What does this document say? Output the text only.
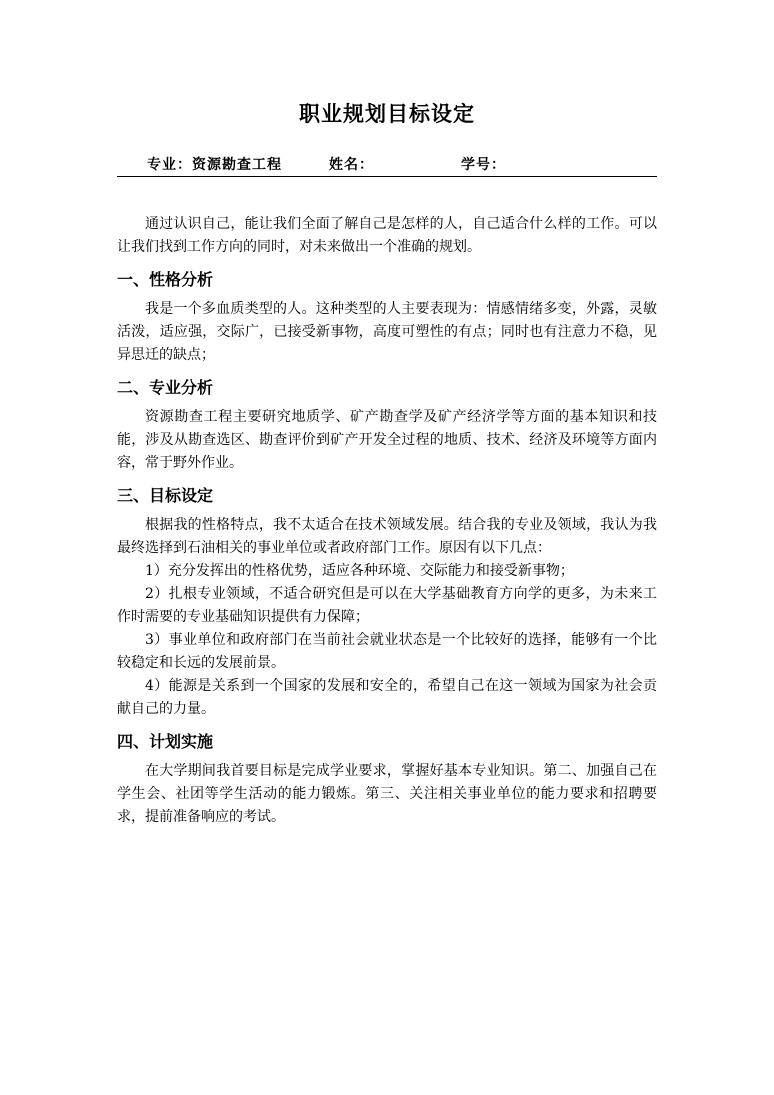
职业规划目标设定
专业：资源勘查工程	姓名：	学号：

通过认识自己，能让我们全面了解自己是怎样的人，自己适合什么样的工作。可以让我们找到工作方向的同时，对未来做出一个准确的规划。

一、性格分析

我是一个多血质类型的人。这种类型的人主要表现为：情感情绪多变，外露，灵敏活泼，适应强，交际广，已接受新事物，高度可塑性的有点；同时也有注意力不稳，见异思迁的缺点；

二、专业分析

资源勘查工程主要研究地质学、矿产勘查学及矿产经济学等方面的基本知识和技能，涉及从勘查选区、勘查评价到矿产开发全过程的地质、技术、经济及环境等方面内容，常于野外作业。

三、目标设定

根据我的性格特点，我不太适合在技术领域发展。结合我的专业及领域，我认为我最终选择到石油相关的事业单位或者政府部门工作。原因有以下几点：

1）充分发挥出的性格优势，适应各种环境、交际能力和接受新事物；

2）扎根专业领域，不适合研究但是可以在大学基础教育方向学的更多，为未来工作时需要的专业基础知识提供有力保障；

3）事业单位和政府部门在当前社会就业状态是一个比较好的选择，能够有一个比较稳定和长远的发展前景。

4）能源是关系到一个国家的发展和安全的，希望自己在这一领域为国家为社会贡献自己的力量。

四、计划实施

在大学期间我首要目标是完成学业要求，掌握好基本专业知识。第二、加强自己在学生会、社团等学生活动的能力锻炼。第三、关注相关事业单位的能力要求和招聘要求，提前准备响应的考试。
